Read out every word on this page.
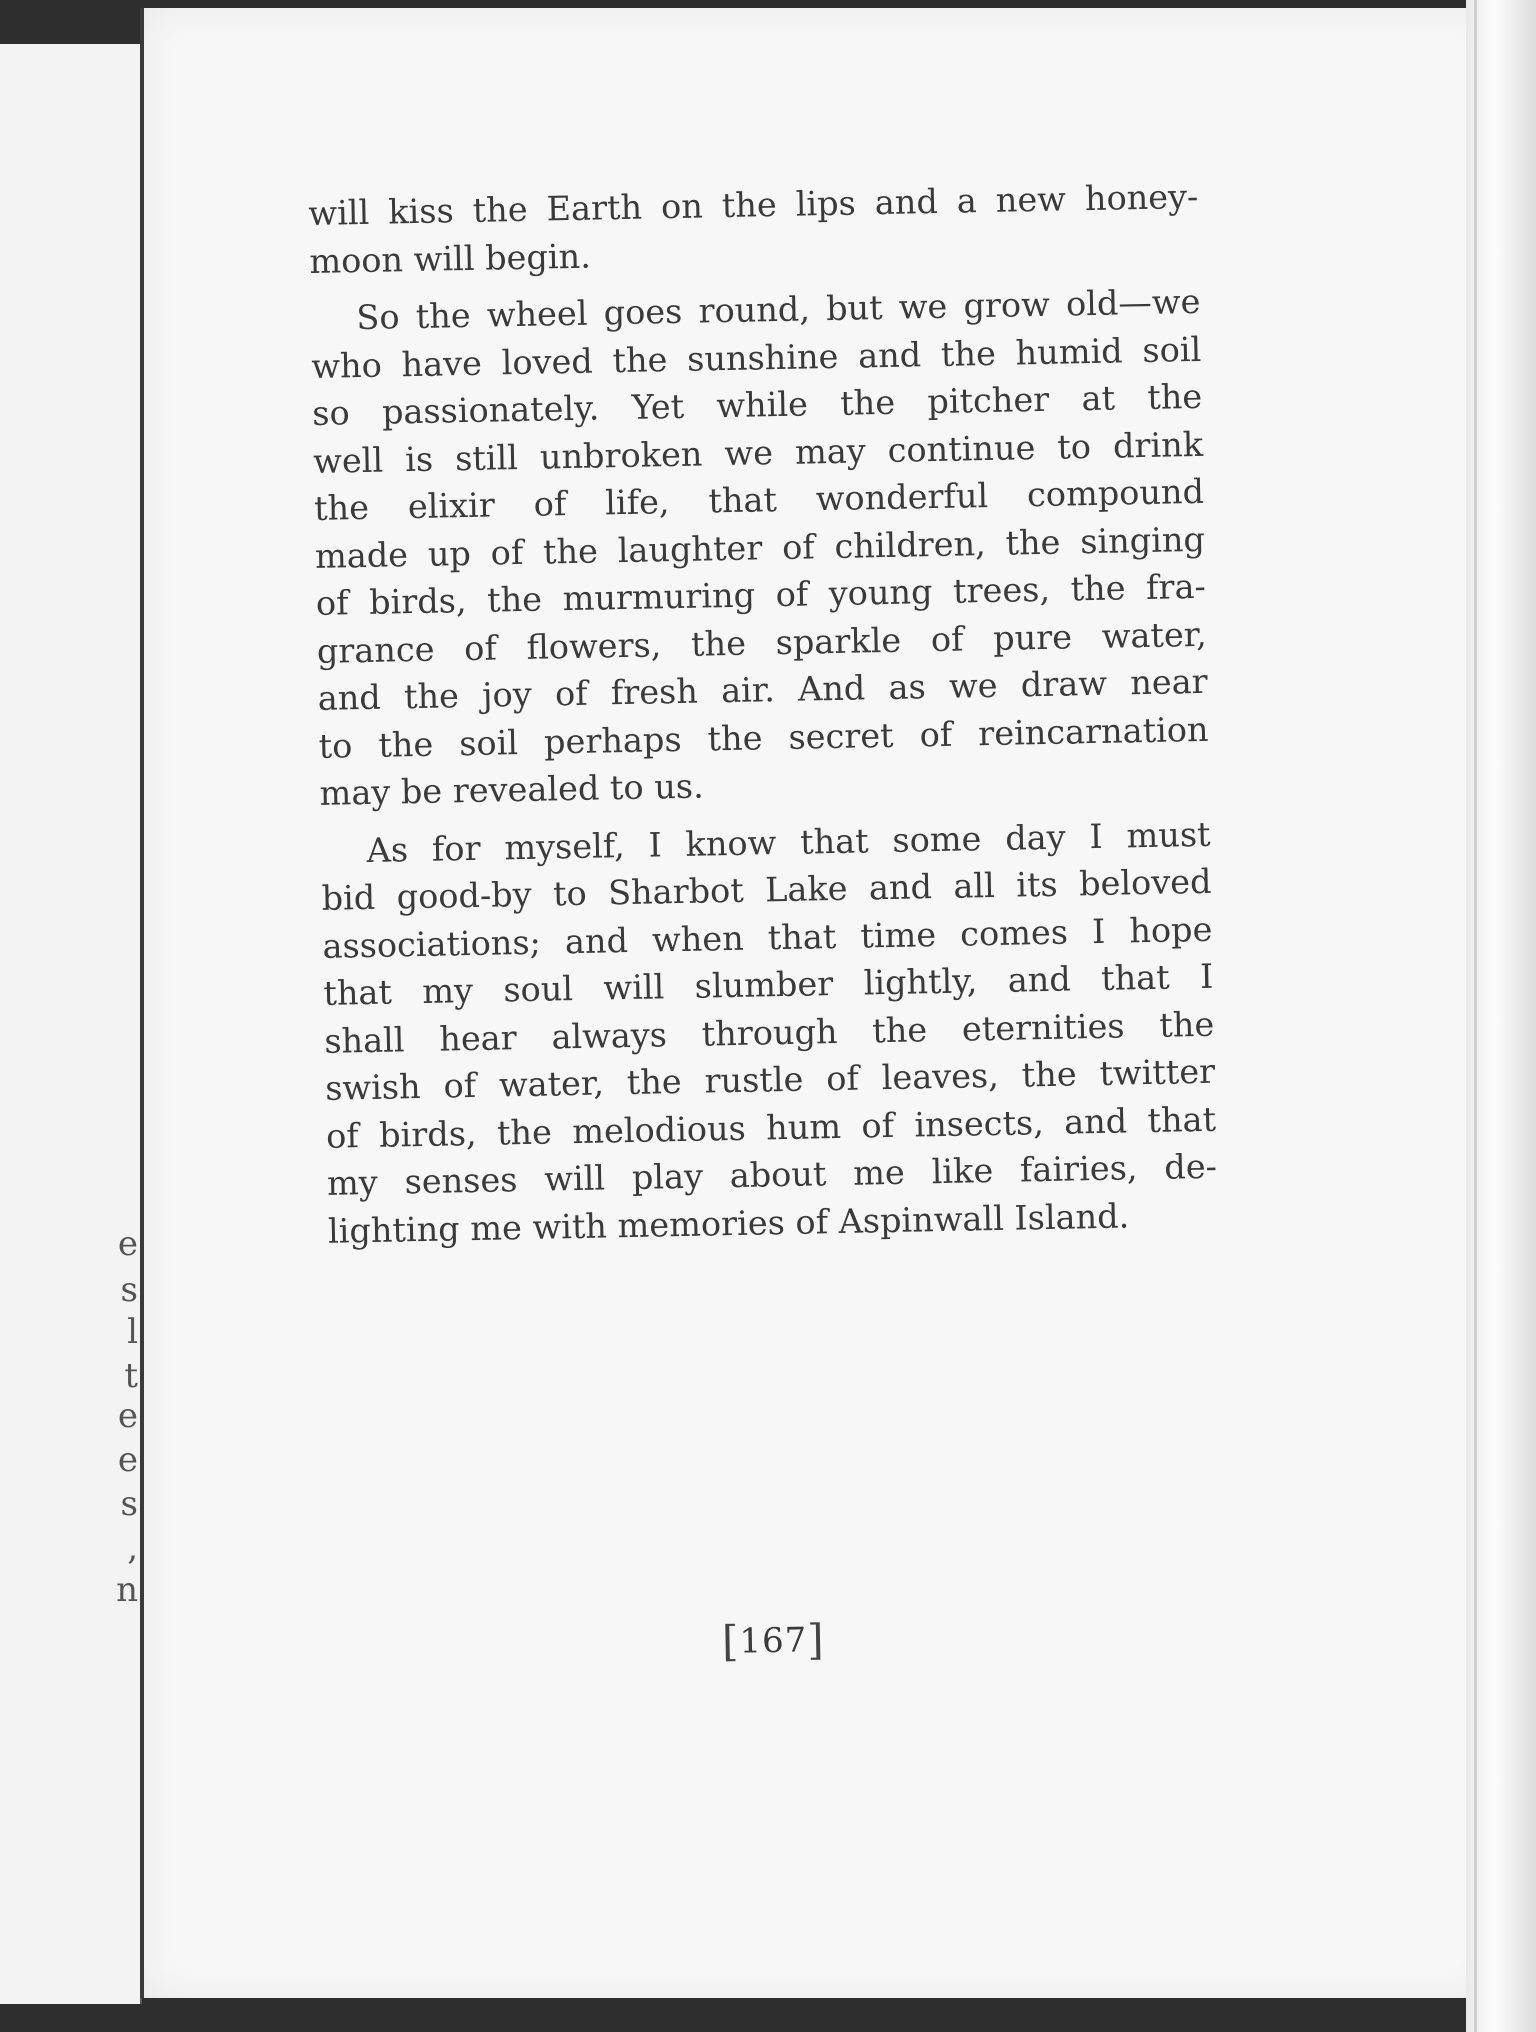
e
s
l
t
e
e
s
,
n
will kiss the Earth on the lips and a new honey-
moon will begin.
So the wheel goes round, but we grow old—we
who have loved the sunshine and the humid soil
so passionately. Yet while the pitcher at the
well is still unbroken we may continue to drink
the elixir of life, that wonderful compound
made up of the laughter of children, the singing
of birds, the murmuring of young trees, the fra-
grance of flowers, the sparkle of pure water,
and the joy of fresh air. And as we draw near
to the soil perhaps the secret of reincarnation
may be revealed to us.
As for myself, I know that some day I must
bid good-by to Sharbot Lake and all its beloved
associations; and when that time comes I hope
that my soul will slumber lightly, and that I
shall hear always through the eternities the
swish of water, the rustle of leaves, the twitter
of birds, the melodious hum of insects, and that
my senses will play about me like fairies, de-
lighting me with memories of Aspinwall Island.
[ 167 ]
